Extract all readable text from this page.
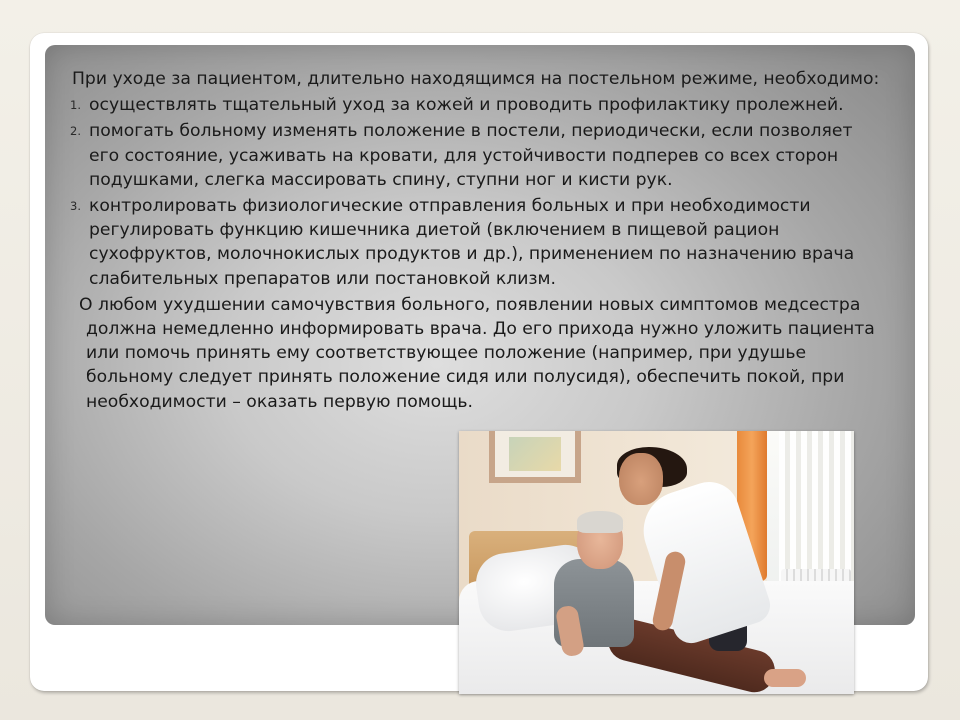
При уходе за пациентом, длительно находящимся на постельном режиме, необходимо:

1. осуществлять тщательный уход за кожей и проводить профилактику пролежней.
2. помогать больному изменять положение в постели, периодически, если позволяет его состояние, усаживать на кровати, для устойчивости подперев со всех сторон подушками, слегка массировать спину, ступни ног и кисти рук.
3. контролировать физиологические отправления больных и при необходимости регулировать функцию кишечника диетой (включением в пищевой рацион сухофруктов, молочнокислых продуктов и др.), применением по назначению врача слабительных препаратов или постановкой клизм.

О любом ухудшении самочувствия больного, появлении новых симптомов медсестра должна немедленно информировать врача. До его прихода нужно уложить пациента или помочь принять ему соответствующее положение (например, при удушье больному следует принять положение сидя или полусидя), обеспечить покой, при необходимости – оказать первую помощь.
